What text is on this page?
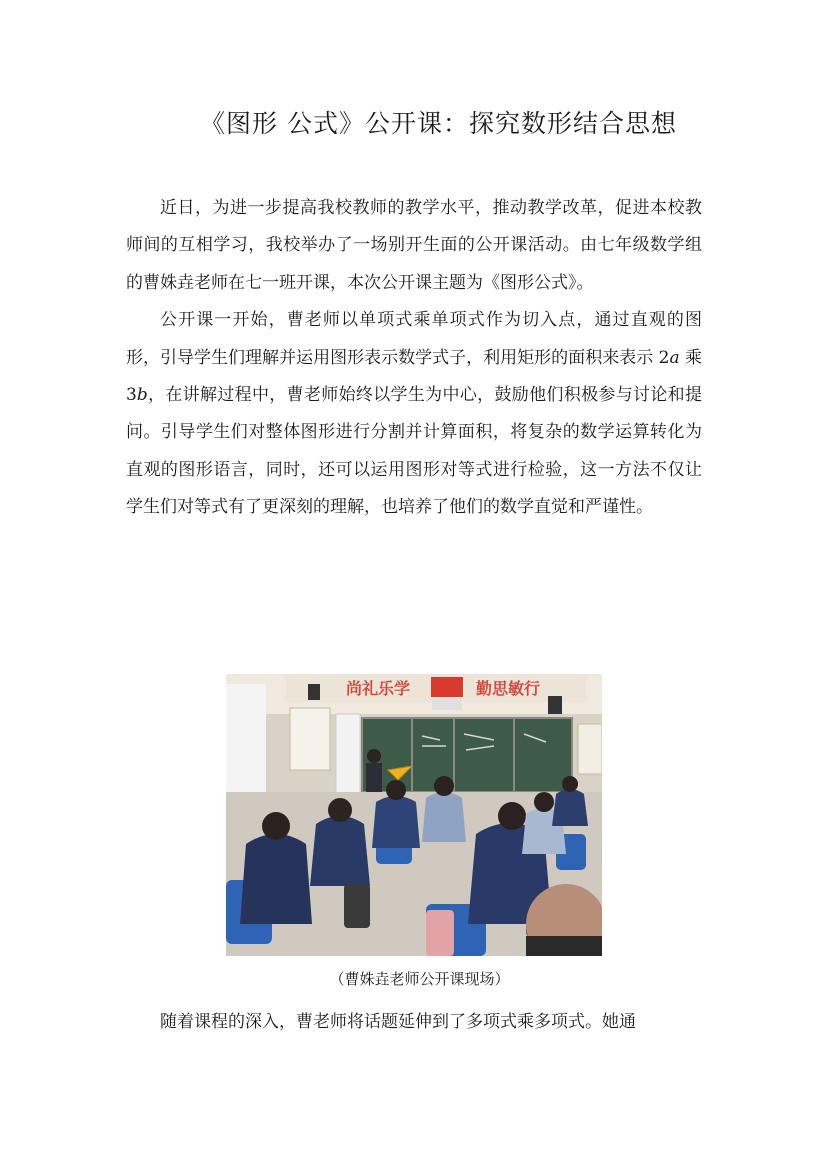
《图形 公式》公开课：探究数形结合思想

近日，为进一步提高我校教师的教学水平，推动教学改革，促进本校教师间的互相学习，我校举办了一场别开生面的公开课活动。由七年级数学组的曹姝垚老师在七一班开课，本次公开课主题为《图形公式》。

公开课一开始，曹老师以单项式乘单项式作为切入点，通过直观的图形，引导学生们理解并运用图形表示数学式子，利用矩形的面积来表示 2a 乘 3b，在讲解过程中，曹老师始终以学生为中心，鼓励他们积极参与讨论和提问。引导学生们对整体图形进行分割并计算面积，将复杂的数学运算转化为直观的图形语言，同时，还可以运用图形对等式进行检验，这一方法不仅让学生们对等式有了更深刻的理解，也培养了他们的数学直觉和严谨性。

尚礼乐学	勤思敏行
（曹姝垚老师公开课现场）

随着课程的深入，曹老师将话题延伸到了多项式乘多项式。她通
